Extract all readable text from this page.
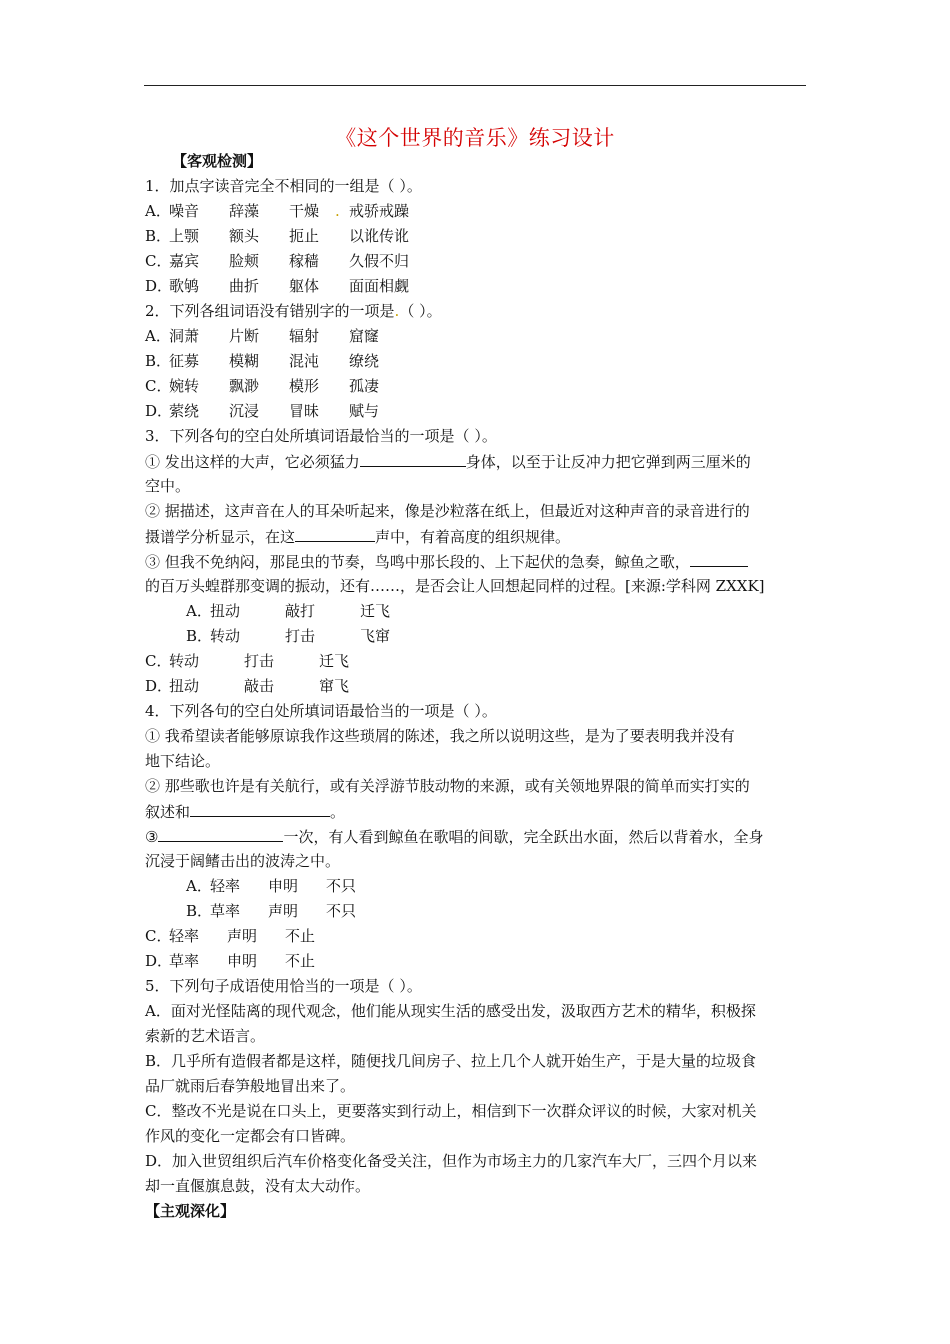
《这个世界的音乐》练习设计
【客观检测】
1．加点字读音完全不相同的一组是（ ）。
A．噪音 辞藻 干燥 . 戒骄戒躁
B．上颚 额头 扼止 以讹传讹
C．嘉宾 脸颊 稼穑 久假不归
D．歌鸲 曲折 躯体 面面相觑
2．下列各组词语没有错别字的一项是.（ ）。
A．洞萧 片断 辐射 窟窿
B．征募 模糊 混沌 缭绕
C．婉转 飘渺 模形 孤凄
D．萦绕 沉浸 冒昧 赋与
3．下列各句的空白处所填词语最恰当的一项是（ ）。
① 发出这样的大声，它必须猛力	身体，以至于让反冲力把它弹到两三厘米的
空中。
② 据描述，这声音在人的耳朵听起来，像是沙粒落在纸上，但最近对这种声音的录音进行的
摄谱学分析显示，在这	声中，有着高度的组织规律。
③ 但我不免纳闷，那昆虫的节奏，鸟鸣中那长段的、上下起伏的急奏，鲸鱼之歌，
的百万头蝗群那变调的振动，还有……，是否会让人回想起同样的过程。[来源:学科网 ZXXK]
A．扭动	敲打	迁飞
B．转动	打击	飞窜
C．转动	打击	迁飞
D．扭动	敲击	窜飞
4．下列各句的空白处所填词语最恰当的一项是（ ）。
① 我希望读者能够原谅我作这些琐屑的陈述，我之所以说明这些，是为了要表明我并没有
地下结论。
② 那些歌也许是有关航行，或有关浮游节肢动物的来源，或有关领地界限的简单而实打实的
叙述和	。
③	一次，有人看到鲸鱼在歌唱的间歇，完全跃出水面，然后以背着水，全身
沉浸于阔鳍击出的波涛之中。
A．轻率 申明 不只
B．草率 声明 不只
C．轻率 声明 不止
D．草率 申明 不止
5．下列句子成语使用恰当的一项是（ ）。
A．面对光怪陆离的现代观念，他们能从现实生活的感受出发，汲取西方艺术的精华，积极探
索新的艺术语言。
B．几乎所有造假者都是这样，随便找几间房子、拉上几个人就开始生产，于是大量的垃圾食
品厂就雨后春笋般地冒出来了。
C．整改不光是说在口头上，更要落实到行动上，相信到下一次群众评议的时候，大家对机关
作风的变化一定都会有口皆碑。
D．加入世贸组织后汽车价格变化备受关注，但作为市场主力的几家汽车大厂，三四个月以来
却一直偃旗息鼓，没有太大动作。
【主观深化】
